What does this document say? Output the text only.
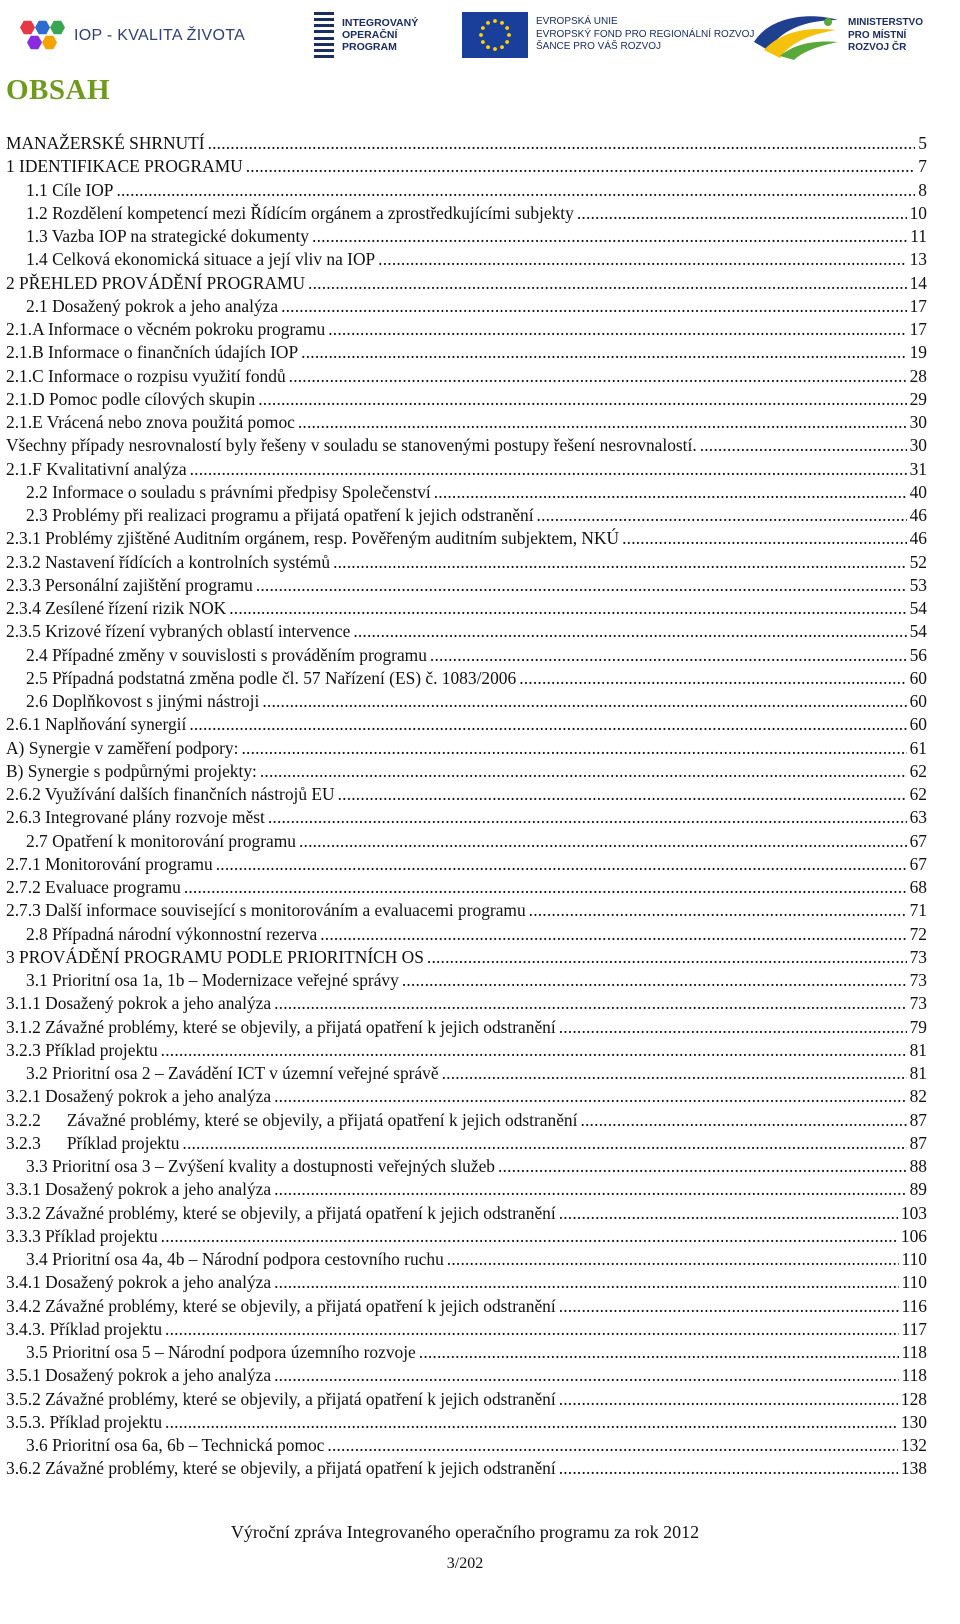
IOP - KVALITA ŽIVOTA
INTEGROVANÝ
OPERAČNÍ
PROGRAM
EVROPSKÁ UNIE
EVROPSKÝ FOND PRO REGIONÁLNÍ ROZVOJ
ŠANCE PRO VÁŠ ROZVOJ
MINISTERSTVO
PRO MÍSTNÍ
ROZVOJ ČR
OBSAH
MANAŽERSKÉ SHRNUTÍ .....	5
1 IDENTIFIKACE PROGRAMU .....	7
1.1 Cíle IOP .....	8
1.2 Rozdělení kompetencí mezi Řídícím orgánem a zprostředkujícími subjekty .....	10
1.3 Vazba IOP na strategické dokumenty .....	11
1.4 Celková ekonomická situace a její vliv na IOP .....	13
2 PŘEHLED PROVÁDĚNÍ PROGRAMU .....	14
2.1 Dosažený pokrok a jeho analýza .....	17
2.1.A Informace o věcném pokroku programu .....	17
2.1.B Informace o finančních údajích IOP .....	19
2.1.C Informace o rozpisu využití fondů .....	28
2.1.D Pomoc podle cílových skupin .....	29
2.1.E Vrácená nebo znova použitá pomoc .....	30
Všechny případy nesrovnalostí byly řešeny v souladu se stanovenými postupy řešení nesrovnalostí. .....	30
2.1.F Kvalitativní analýza .....	31
2.2 Informace o souladu s právními předpisy Společenství .....	40
2.3 Problémy při realizaci programu a přijatá opatření k jejich odstranění .....	46
2.3.1 Problémy zjištěné Auditním orgánem, resp. Pověřeným auditním subjektem, NKÚ .....	46
2.3.2 Nastavení řídících a kontrolních systémů .....	52
2.3.3 Personální zajištění programu .....	53
2.3.4 Zesílené řízení rizik NOK .....	54
2.3.5 Krizové řízení vybraných oblastí intervence .....	54
2.4 Případné změny v souvislosti s prováděním programu .....	56
2.5 Případná podstatná změna podle čl. 57 Nařízení (ES) č. 1083/2006 .....	60
2.6 Doplňkovost s jinými nástroji .....	60
2.6.1 Naplňování synergií .....	60
A) Synergie v zaměření podpory: .....	61
B) Synergie s podpůrnými projekty: .....	62
2.6.2 Využívání dalších finančních nástrojů EU .....	62
2.6.3 Integrované plány rozvoje měst .....	63
2.7 Opatření k monitorování programu .....	67
2.7.1 Monitorování programu .....	67
2.7.2 Evaluace programu .....	68
2.7.3 Další informace související s monitorováním a evaluacemi programu .....	71
2.8 Případná národní výkonnostní rezerva .....	72
3 PROVÁDĚNÍ PROGRAMU PODLE PRIORITNÍCH OS .....	73
3.1 Prioritní osa 1a, 1b – Modernizace veřejné správy .....	73
3.1.1 Dosažený pokrok a jeho analýza .....	73
3.1.2 Závažné problémy, které se objevily, a přijatá opatření k jejich odstranění .....	79
3.2.3 Příklad projektu .....	81
3.2 Prioritní osa 2 – Zavádění ICT v územní veřejné správě .....	81
3.2.1 Dosažený pokrok a jeho analýza .....	82
3.2.2      Závažné problémy, které se objevily, a přijatá opatření k jejich odstranění .....	87
3.2.3      Příklad projektu .....	87
3.3 Prioritní osa 3 – Zvýšení kvality a dostupnosti veřejných služeb .....	88
3.3.1 Dosažený pokrok a jeho analýza .....	89
3.3.2 Závažné problémy, které se objevily, a přijatá opatření k jejich odstranění .....	103
3.3.3 Příklad projektu .....	106
3.4 Prioritní osa 4a, 4b – Národní podpora cestovního ruchu .....	110
3.4.1 Dosažený pokrok a jeho analýza .....	110
3.4.2 Závažné problémy, které se objevily, a přijatá opatření k jejich odstranění .....	116
3.4.3. Příklad projektu .....	117
3.5 Prioritní osa 5 – Národní podpora územního rozvoje .....	118
3.5.1 Dosažený pokrok a jeho analýza .....	118
3.5.2 Závažné problémy, které se objevily, a přijatá opatření k jejich odstranění .....	128
3.5.3. Příklad projektu .....	130
3.6 Prioritní osa 6a, 6b – Technická pomoc .....	132
3.6.2 Závažné problémy, které se objevily, a přijatá opatření k jejich odstranění .....	138
Výroční zpráva Integrovaného operačního programu za rok 2012
3/202
